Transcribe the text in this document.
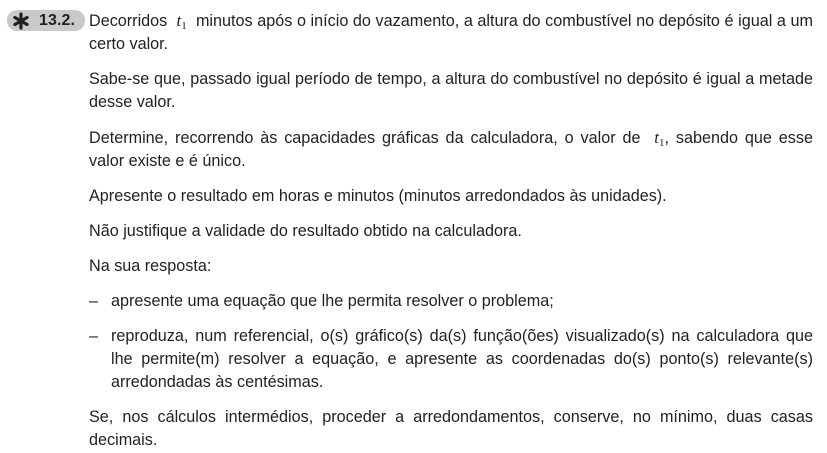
13.2. Decorridos $t_1$ minutos após o início do vazamento, a altura do combustível no depósito é igual a um certo valor.

Sabe-se que, passado igual período de tempo, a altura do combustível no depósito é igual a metade desse valor.

Determine, recorrendo às capacidades gráficas da calculadora, o valor de $t_1$, sabendo que esse valor existe e é único.

Apresente o resultado em horas e minutos (minutos arredondados às unidades).

Não justifique a validade do resultado obtido na calculadora.

Na sua resposta:

– apresente uma equação que lhe permita resolver o problema;
– reproduza, num referencial, o(s) gráfico(s) da(s) função(ões) visualizado(s) na calculadora que lhe permite(m) resolver a equação, e apresente as coordenadas do(s) ponto(s) relevante(s) arredondadas às centésimas.

Se, nos cálculos intermédios, proceder a arredondamentos, conserve, no mínimo, duas casas decimais.
